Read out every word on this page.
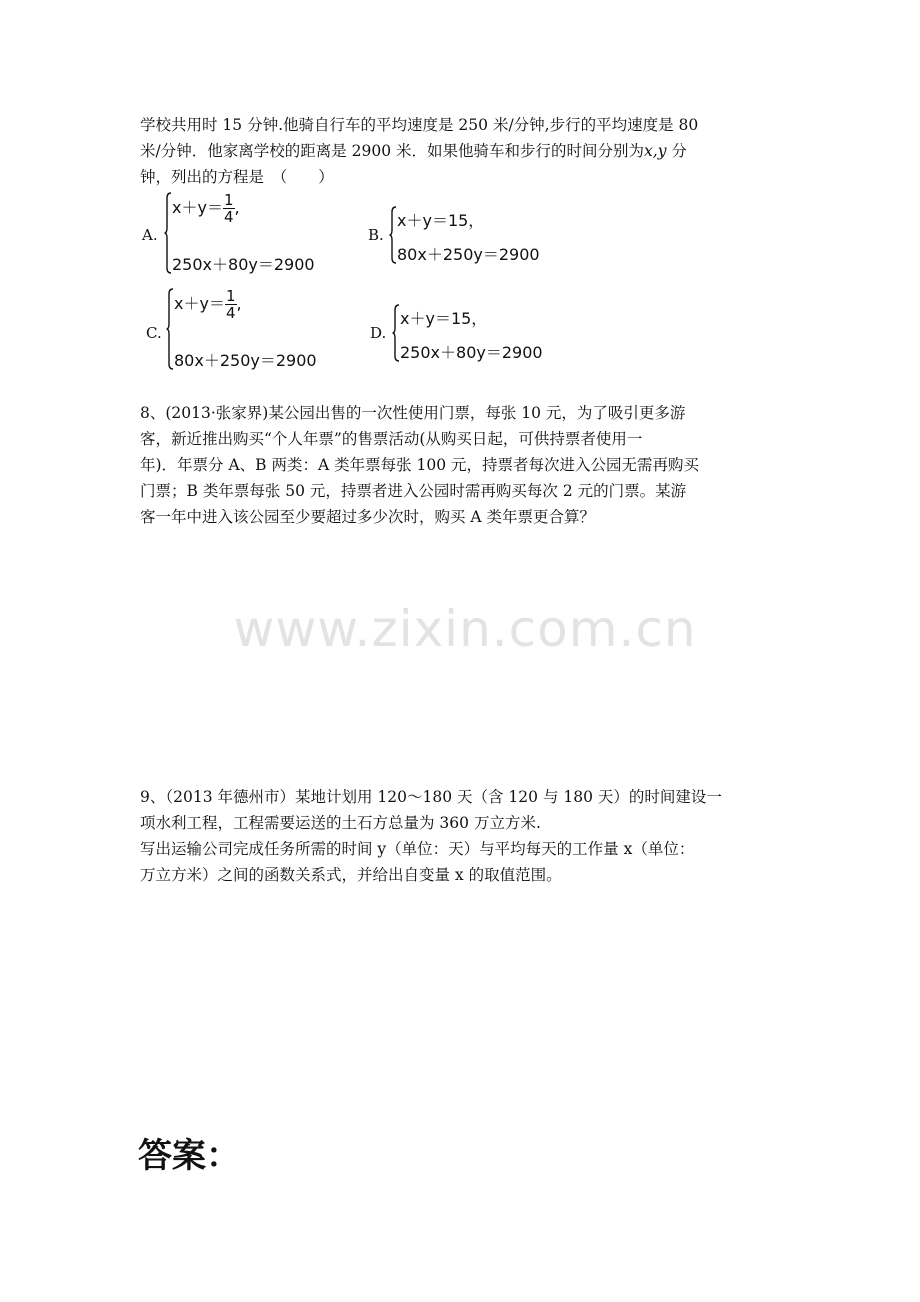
学校共用时 15 分钟.他骑自行车的平均速度是 250 米/分钟,步行的平均速度是 80
米/分钟．他家离学校的距离是 2900 米．如果他骑车和步行的时间分别为x,y 分
钟，列出的方程是　（　　）
A.
$x+y= \frac{1}{4}$ ,
250x＋80y＝2900
B.
x＋y＝15，
80x＋250y＝2900
C.
$x+y= \frac{1}{4}$ ,
80x＋250y＝2900
D.
x＋y＝15，
250x＋80y＝2900
8、(2013·张家界)某公园出售的一次性使用门票，每张 10 元，为了吸引更多游
客，新近推出购买“个人年票”的售票活动(从购买日起，可供持票者使用一
年)．年票分 A、B 两类：A 类年票每张 100 元，持票者每次进入公园无需再购买
门票；B 类年票每张 50 元，持票者进入公园时需再购买每次 2 元的门票。某游
客一年中进入该公园至少要超过多少次时，购买 A 类年票更合算？
www.zixin.com.cn
9、（2013 年德州市）某地计划用 120～180 天（含 120 与 180 天）的时间建设一
项水利工程，工程需要运送的土石方总量为 360 万立方米.
写出运输公司完成任务所需的时间 y（单位：天）与平均每天的工作量 x（单位：
万立方米）之间的函数关系式，并给出自变量 x 的取值范围。
答案：
